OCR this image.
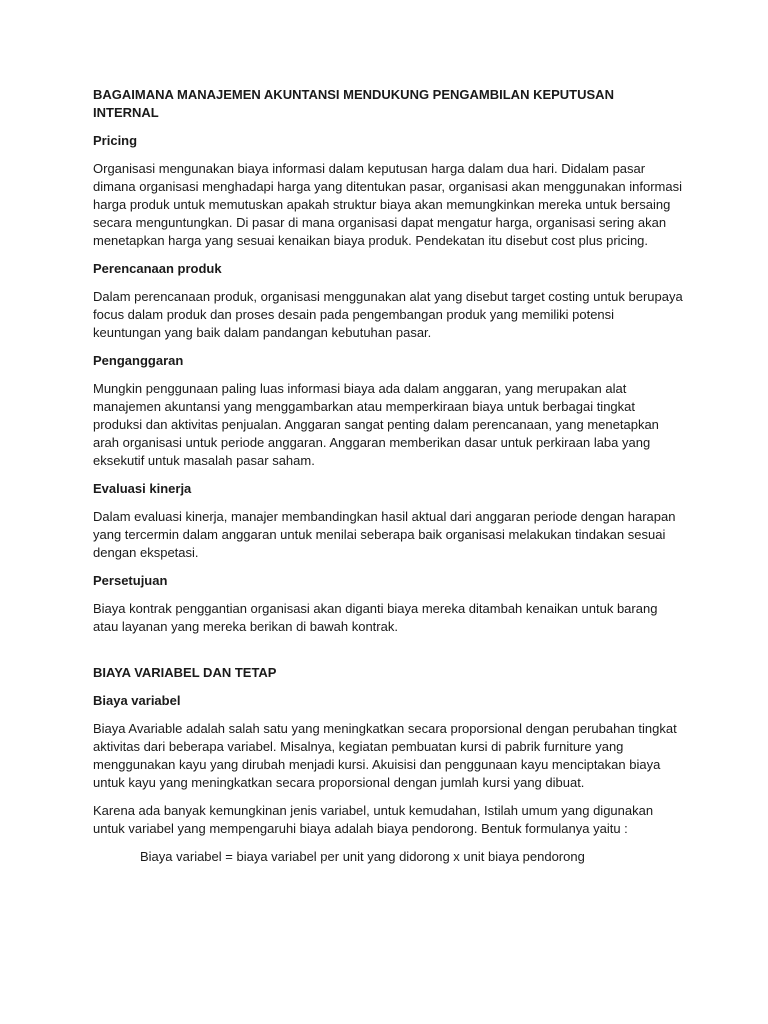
BAGAIMANA MANAJEMEN AKUNTANSI MENDUKUNG PENGAMBILAN KEPUTUSAN INTERNAL
Pricing

Organisasi mengunakan biaya informasi dalam keputusan harga dalam dua hari. Didalam pasar dimana organisasi menghadapi harga yang ditentukan pasar, organisasi akan menggunakan informasi harga produk untuk memutuskan apakah struktur biaya akan memungkinkan mereka untuk bersaing secara menguntungkan. Di pasar di mana organisasi dapat mengatur harga, organisasi sering akan menetapkan harga yang sesuai kenaikan biaya produk. Pendekatan itu disebut cost plus pricing.

Perencanaan produk

Dalam perencanaan produk, organisasi menggunakan alat yang disebut target costing untuk berupaya focus dalam produk dan proses desain pada pengembangan produk yang memiliki potensi keuntungan yang baik dalam pandangan kebutuhan pasar.

Penganggaran

Mungkin penggunaan paling luas informasi biaya ada dalam anggaran, yang merupakan alat manajemen akuntansi yang menggambarkan atau memperkiraan biaya untuk berbagai tingkat produksi dan aktivitas penjualan. Anggaran sangat penting dalam perencanaan, yang menetapkan arah organisasi untuk periode anggaran. Anggaran memberikan dasar untuk perkiraan laba yang eksekutif untuk masalah pasar saham.

Evaluasi kinerja

Dalam evaluasi kinerja, manajer membandingkan hasil aktual dari anggaran periode dengan harapan yang tercermin dalam anggaran untuk menilai seberapa baik organisasi melakukan tindakan sesuai dengan ekspetasi.

Persetujuan

Biaya kontrak penggantian organisasi akan diganti biaya mereka ditambah kenaikan untuk barang atau layanan yang mereka berikan di bawah kontrak.

BIAYA VARIABEL DAN TETAP
Biaya variabel

Biaya Avariable adalah salah satu yang meningkatkan secara proporsional dengan perubahan tingkat aktivitas dari beberapa variabel. Misalnya, kegiatan pembuatan kursi di pabrik furniture yang menggunakan kayu yang dirubah menjadi kursi. Akuisisi dan penggunaan kayu menciptakan biaya untuk kayu yang meningkatkan secara proporsional dengan jumlah kursi yang dibuat.

Karena ada banyak kemungkinan jenis variabel, untuk kemudahan, Istilah umum yang digunakan untuk variabel yang mempengaruhi biaya adalah biaya pendorong. Bentuk formulanya yaitu :

Biaya variabel = biaya variabel per unit yang didorong x unit biaya pendorong
